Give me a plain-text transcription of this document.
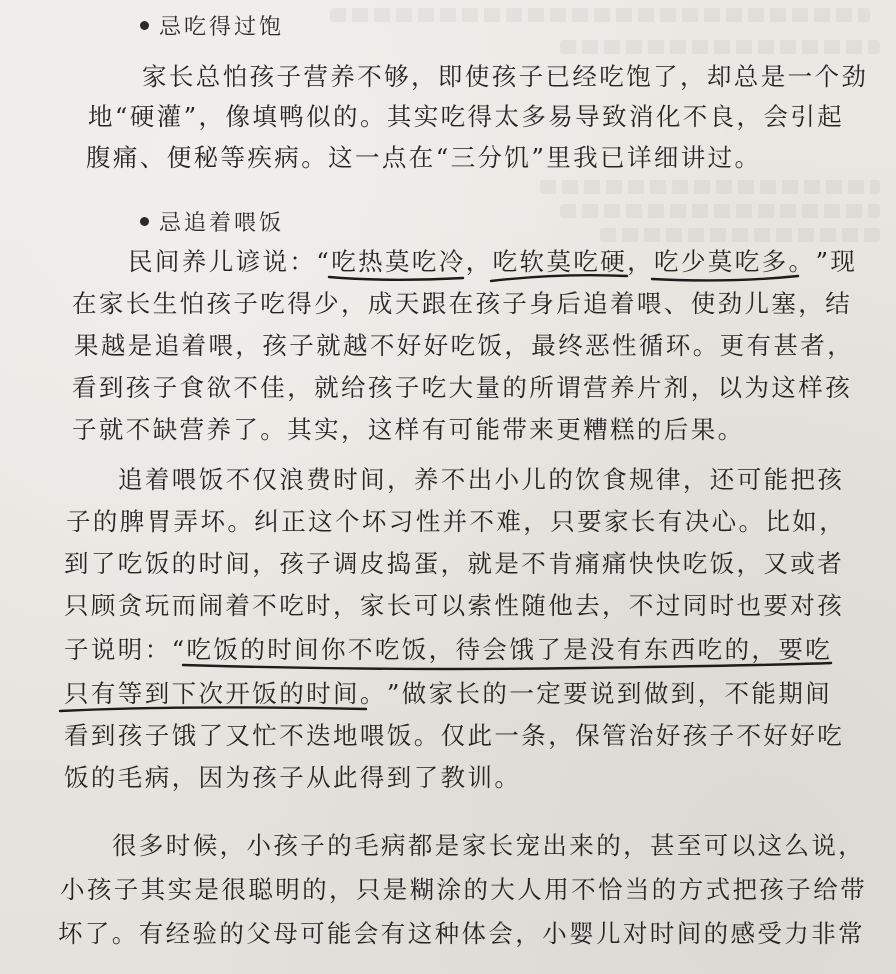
忌吃得过饱
家长总怕孩子营养不够，即使孩子已经吃饱了，却总是一个劲
地“硬灌”，像填鸭似的。其实吃得太多易导致消化不良，会引起
腹痛、便秘等疾病。这一点在“三分饥”里我已详细讲过。
忌追着喂饭
民间养儿谚说：“吃热莫吃冷
，吃软莫吃硬
，吃少莫吃多。
”现
在家长生怕孩子吃得少，成天跟在孩子身后追着喂、使劲儿塞，结
果越是追着喂，孩子就越不好好吃饭，最终恶性循环。更有甚者，
看到孩子食欲不佳，就给孩子吃大量的所谓营养片剂，以为这样孩
子就不缺营养了。其实，这样有可能带来更糟糕的后果。
追着喂饭不仅浪费时间，养不出小儿的饮食规律，还可能把孩
子的脾胃弄坏。纠正这个坏习性并不难，只要家长有决心。比如，
到了吃饭的时间，孩子调皮捣蛋，就是不肯痛痛快快吃饭，又或者
只顾贪玩而闹着不吃时，家长可以索性随他去，不过同时也要对孩
子说明：“吃饭的时间你不吃饭，待会饿了是没有东西吃的，要吃
只有等到下次开饭的时间。
”做家长的一定要说到做到，不能期间
看到孩子饿了又忙不迭地喂饭。仅此一条，保管治好孩子不好好吃
饭的毛病，因为孩子从此得到了教训。
很多时候，小孩子的毛病都是家长宠出来的，甚至可以这么说，
小孩子其实是很聪明的，只是糊涂的大人用不恰当的方式把孩子给带
坏了。有经验的父母可能会有这种体会，小婴儿对时间的感受力非常
